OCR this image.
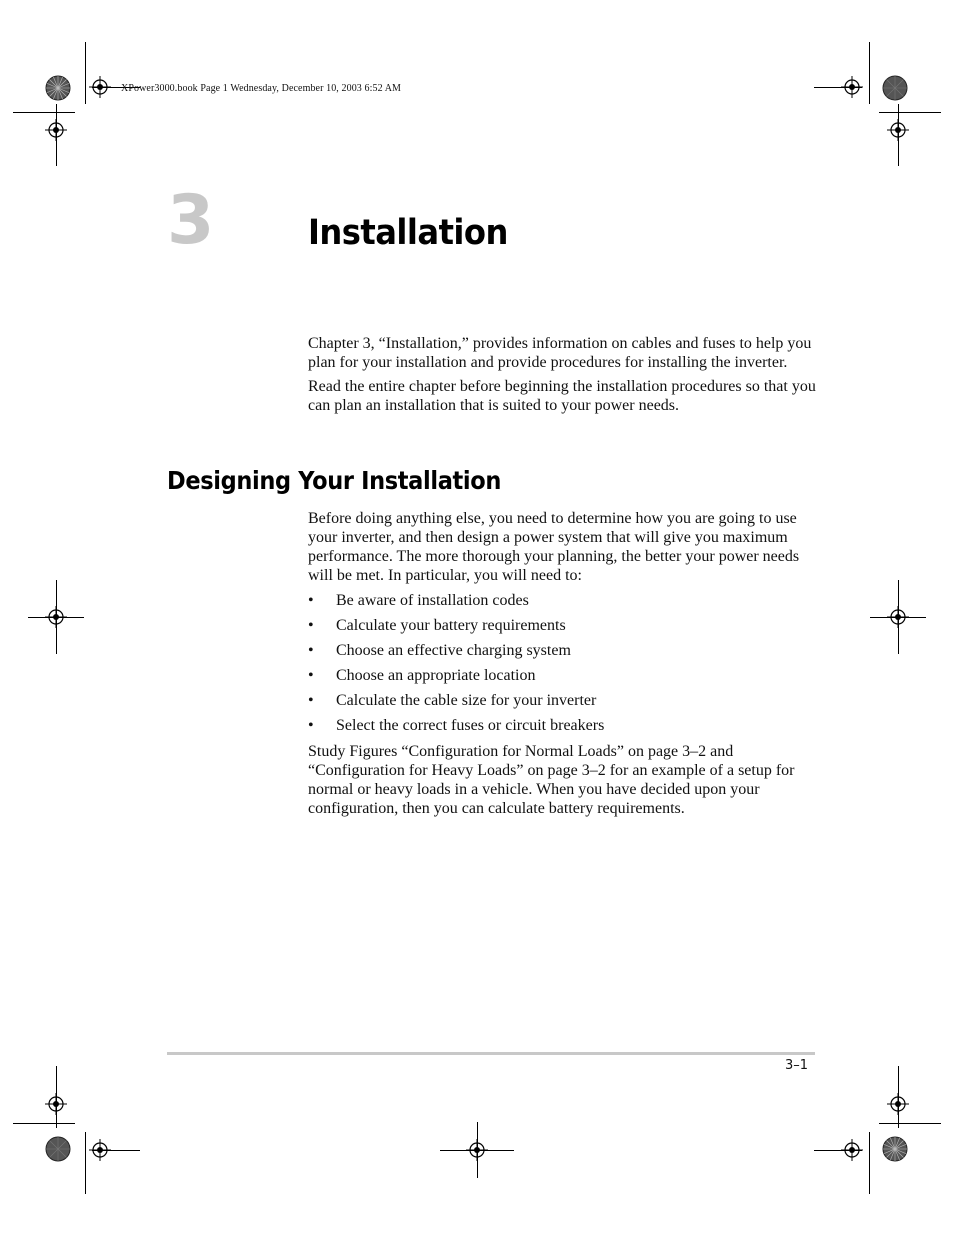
XPower3000.book Page 1 Wednesday, December 10, 2003 6:52 AM
3	Installation

Chapter 3, “Installation,” provides information on cables and fuses to help you plan for your installation and provide procedures for installing the inverter.

Read the entire chapter before beginning the installation procedures so that you can plan an installation that is suited to your power needs.

Designing Your Installation

Before doing anything else, you need to determine how you are going to use your inverter, and then design a power system that will give you maximum performance. The more thorough your planning, the better your power needs will be met. In particular, you will need to:

• Be aware of installation codes
• Calculate your battery requirements
• Choose an effective charging system
• Choose an appropriate location
• Calculate the cable size for your inverter
• Select the correct fuses or circuit breakers

Study Figures “Configuration for Normal Loads” on page 3–2 and “Configuration for Heavy Loads” on page 3–2 for an example of a setup for normal or heavy loads in a vehicle. When you have decided upon your configuration, then you can calculate battery requirements.

3–1
